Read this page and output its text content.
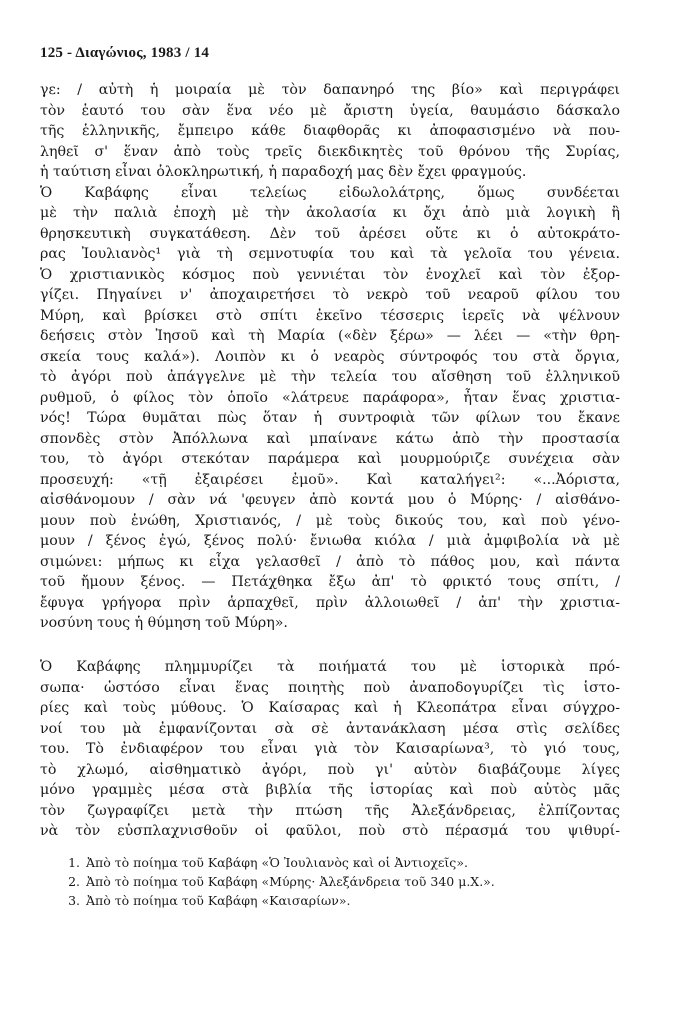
125 - Διαγώνιος, 1983 / 14
γε: / αὐτὴ ἡ μοιραία μὲ τὸν δαπανηρό της βίο» καὶ περιγράφει
τὸν ἑαυτό του σὰν ἕνα νέο μὲ ἄριστη ὑγεία, θαυμάσιο δάσκαλο
τῆς ἑλληνικῆς, ἔμπειρο κάθε διαφθορᾶς κι ἀποφασισμένο νὰ που-
ληθεῖ σ' ἕναν ἀπὸ τοὺς τρεῖς διεκδικητὲς τοῦ θρόνου τῆς Συρίας,
ἡ ταύτιση εἶναι ὁλοκληρωτική, ἡ παραδοχή μας δὲν ἔχει φραγμούς.
Ὁ Καβάφης εἶναι τελείως εἰδωλολάτρης, ὅμως συνδέεται
μὲ τὴν παλιὰ ἐποχὴ μὲ τὴν ἀκολασία κι ὄχι ἀπὸ μιὰ λογικὴ ἢ
θρησκευτικὴ συγκατάθεση. Δὲν τοῦ ἀρέσει οὔτε κι ὁ αὐτοκράτο-
ρας Ἰουλιανὸς¹ γιὰ τὴ σεμνοτυφία του καὶ τὰ γελοῖα του γένεια.
Ὁ χριστιανικὸς κόσμος ποὺ γεννιέται τὸν ἐνοχλεῖ καὶ τὸν ἐξορ-
γίζει. Πηγαίνει ν' ἀποχαιρετήσει τὸ νεκρὸ τοῦ νεαροῦ φίλου του
Μύρη, καὶ βρίσκει στὸ σπίτι ἐκεῖνο τέσσερις ἱερεῖς νὰ ψέλνουν
δεήσεις στὸν Ἰησοῦ καὶ τὴ Μαρία («δὲν ξέρω» — λέει — «τὴν θρη-
σκεία τους καλά»). Λοιπὸν κι ὁ νεαρὸς σύντροφός του στὰ ὄργια,
τὸ ἀγόρι ποὺ ἀπάγγελνε μὲ τὴν τελεία του αἴσθηση τοῦ ἑλληνικοῦ
ρυθμοῦ, ὁ φίλος τὸν ὁποῖο «λάτρευε παράφορα», ἦταν ἕνας χριστια-
νός! Τώρα θυμᾶται πὼς ὅταν ἡ συντροφιὰ τῶν φίλων του ἔκανε
σπονδὲς στὸν Ἀπόλλωνα καὶ μπαίνανε κάτω ἀπὸ τὴν προστασία
του, τὸ ἀγόρι στεκόταν παράμερα καὶ μουρμούριζε συνέχεια σὰν
προσευχή: «τῇ ἐξαιρέσει ἐμοῦ». Καὶ καταλήγει²: «...Ἀόριστα,
αἰσθάνομουν / σὰν νά 'φευγεν ἀπὸ κοντά μου ὁ Μύρης· / αἰσθάνο-
μουν ποὺ ἑνώθη, Χριστιανός, / μὲ τοὺς δικούς του, καὶ ποὺ γένο-
μουν / ξένος ἐγώ, ξένος πολύ· ἔνιωθα κιόλα / μιὰ ἀμφιβολία νὰ μὲ
σιμώνει: μήπως κι εἶχα γελασθεῖ / ἀπὸ τὸ πάθος μου, καὶ πάντα
τοῦ ἤμουν ξένος. — Πετάχθηκα ἔξω ἀπ' τὸ φρικτό τους σπίτι, /
ἔφυγα γρήγορα πρὶν ἁρπαχθεῖ, πρὶν ἀλλοιωθεῖ / ἀπ' τὴν χριστια-
νοσύνη τους ἡ θύμηση τοῦ Μύρη».
Ὁ Καβάφης πλημμυρίζει τὰ ποιήματά του μὲ ἱστορικὰ πρό-
σωπα· ὡστόσο εἶναι ἕνας ποιητὴς ποὺ ἀναποδογυρίζει τὶς ἱστο-
ρίες καὶ τοὺς μύθους. Ὁ Καίσαρας καὶ ἡ Κλεοπάτρα εἶναι σύγχρο-
νοί του μὰ ἐμφανίζονται σὰ σὲ ἀντανάκλαση μέσα στὶς σελίδες
του. Τὸ ἐνδιαφέρον του εἶναι γιὰ τὸν Καισαρίωνα³, τὸ γιό τους,
τὸ χλωμό, αἰσθηματικὸ ἀγόρι, ποὺ γι' αὐτὸν διαβάζουμε λίγες
μόνο γραμμὲς μέσα στὰ βιβλία τῆς ἱστορίας καὶ ποὺ αὐτὸς μᾶς
τὸν ζωγραφίζει μετὰ τὴν πτώση τῆς Ἀλεξάνδρειας, ἐλπίζοντας
νὰ τὸν εὐσπλαχνισθοῦν οἱ φαῦλοι, ποὺ στὸ πέρασμά του ψιθυρί-
1. Ἀπὸ τὸ ποίημα τοῦ Καβάφη «Ὁ Ἰουλιανὸς καὶ οἱ Ἀντιοχεῖς».
2. Ἀπὸ τὸ ποίημα τοῦ Καβάφη «Μύρης· Ἀλεξάνδρεια τοῦ 340 μ.Χ.».
3. Ἀπὸ τὸ ποίημα τοῦ Καβάφη «Καισαρίων».
